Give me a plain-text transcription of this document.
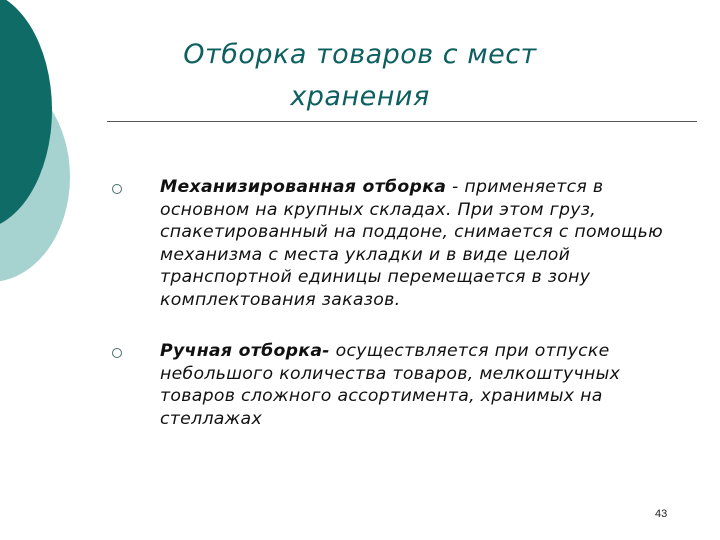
Отборка товаров с мест хранения
Механизированная отборка - применяется в основном на крупных складах. При этом груз, спакетированный на поддоне, снимается с помощью механизма с места укладки и в виде целой транспортной единицы перемещается в зону комплектования заказов.
Ручная отборка- осуществляется при отпуске небольшого количества товаров, мелкоштучных товаров сложного ассортимента, хранимых на стеллажах
43
